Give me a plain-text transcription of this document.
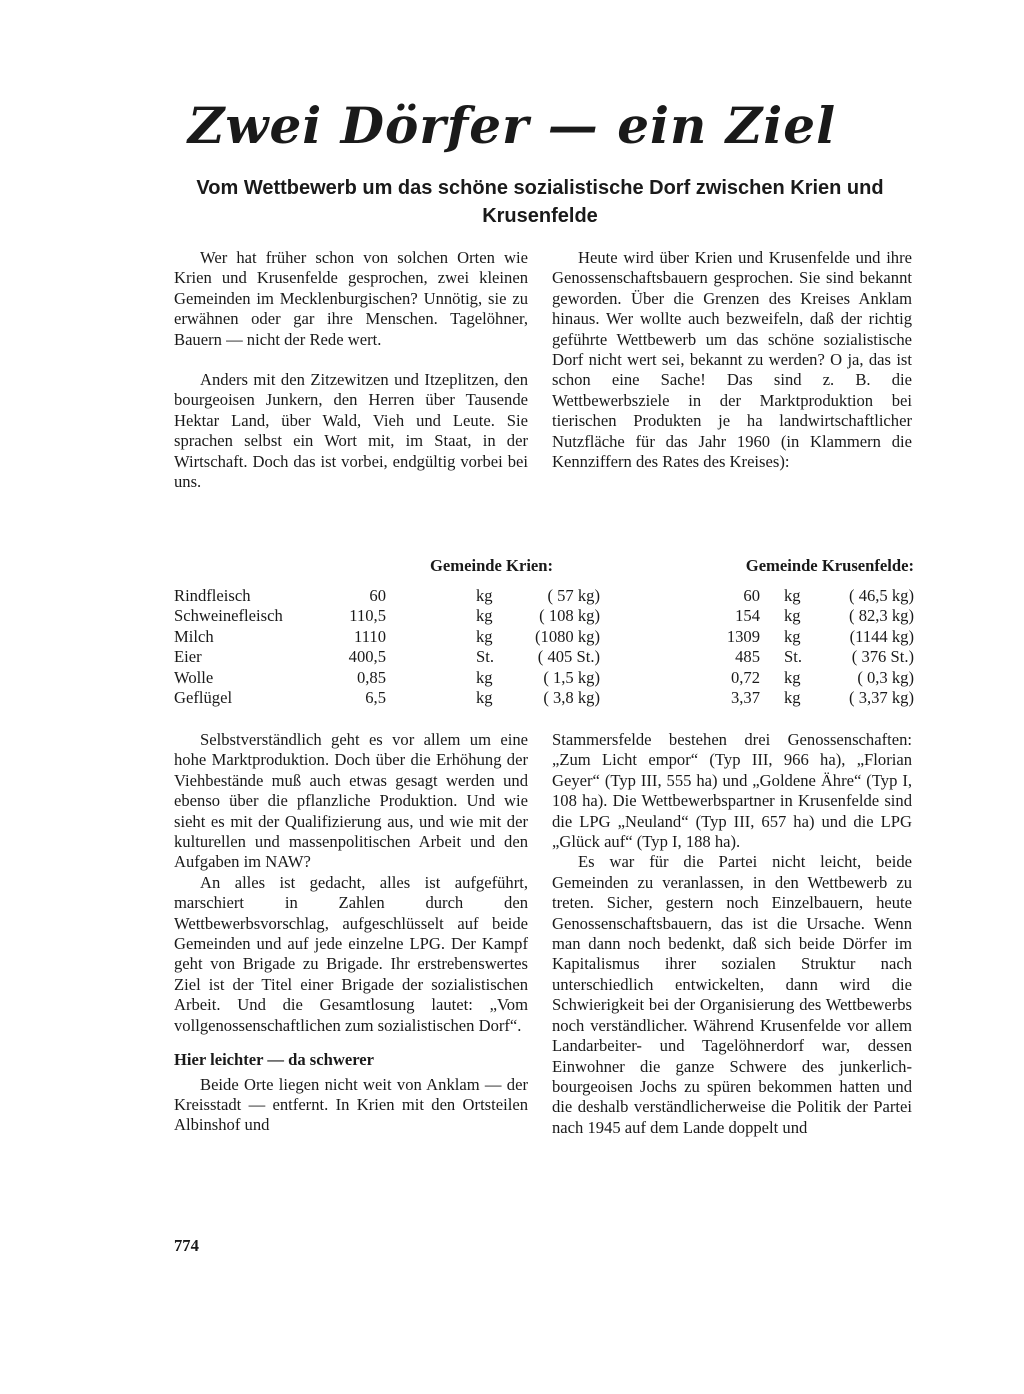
Zwei Dörfer — ein Ziel
Vom Wettbewerb um das schöne sozialistische Dorf zwischen Krien und Krusenfelde

Wer hat früher schon von solchen Orten wie Krien und Krusenfelde gesprochen, zwei kleinen Gemeinden im Mecklenburgischen? Unnötig, sie zu erwähnen oder gar ihre Menschen. Tagelöhner, Bauern — nicht der Rede wert.

Anders mit den Zitzewitzen und Itzeplitzen, den bourgeoisen Junkern, den Herren über Tausende Hektar Land, über Wald, Vieh und Leute. Sie sprachen selbst ein Wort mit, im Staat, in der Wirtschaft. Doch das ist vorbei, endgültig vorbei bei uns.

Heute wird über Krien und Krusenfelde und ihre Genossenschaftsbauern gesprochen. Sie sind bekannt geworden. Über die Grenzen des Kreises Anklam hinaus. Wer wollte auch bezweifeln, daß der richtig geführte Wettbewerb um das schöne sozialistische Dorf nicht wert sei, bekannt zu werden? O ja, das ist schon eine Sache! Das sind z. B. die Wettbewerbsziele in der Marktproduktion bei tierischen Produkten je ha landwirtschaftlicher Nutzfläche für das Jahr 1960 (in Klammern die Kennziffern des Rates des Kreises):

Gemeinde Krien:	Gemeinde Krusenfelde:
Rindfleisch	60	kg	( 57 kg)	60 kg	( 46,5 kg)
Schweinefleisch	110,5	kg	( 108 kg)	154 kg	( 82,3 kg)
Milch	1110	kg	(1080 kg)	1309 kg	(1144 kg)
Eier	400,5	St.	( 405 St.)	485 St.	( 376 St.)
Wolle	0,85	kg	( 1,5 kg)	0,72 kg	( 0,3 kg)
Geflügel	6,5	kg	( 3,8 kg)	3,37 kg	( 3,37 kg)

Selbstverständlich geht es vor allem um eine hohe Marktproduktion. Doch über die Erhöhung der Viehbestände muß auch etwas gesagt werden und ebenso über die pflanzliche Produktion. Und wie sieht es mit der Qualifizierung aus, und wie mit der kulturellen und massenpolitischen Arbeit und den Aufgaben im NAW?

An alles ist gedacht, alles ist aufgeführt, marschiert in Zahlen durch den Wettbewerbsvorschlag, aufgeschlüsselt auf beide Gemeinden und auf jede einzelne LPG. Der Kampf geht von Brigade zu Brigade. Ihr erstrebenswertes Ziel ist der Titel einer Brigade der sozialistischen Arbeit. Und die Gesamtlosung lautet: „Vom vollgenossenschaftlichen zum sozialistischen Dorf“.

Hier leichter — da schwerer

Beide Orte liegen nicht weit von Anklam — der Kreisstadt — entfernt. In Krien mit den Ortsteilen Albinshof und

Stammersfelde bestehen drei Genossenschaften: „Zum Licht empor“ (Typ III, 966 ha), „Florian Geyer“ (Typ III, 555 ha) und „Goldene Ähre“ (Typ I, 108 ha). Die Wettbewerbspartner in Krusenfelde sind die LPG „Neuland“ (Typ III, 657 ha) und die LPG „Glück auf“ (Typ I, 188 ha).

Es war für die Partei nicht leicht, beide Gemeinden zu veranlassen, in den Wettbewerb zu treten. Sicher, gestern noch Einzelbauern, heute Genossenschaftsbauern, das ist die Ursache. Wenn man dann noch bedenkt, daß sich beide Dörfer im Kapitalismus ihrer sozialen Struktur nach unterschiedlich entwickelten, dann wird die Schwierigkeit bei der Organisierung des Wettbewerbs noch verständlicher. Während Krusenfelde vor allem Landarbeiter- und Tagelöhnerdorf war, dessen Einwohner die ganze Schwere des junkerlich-bourgeoisen Jochs zu spüren bekommen hatten und die deshalb verständlicherweise die Politik der Partei nach 1945 auf dem Lande doppelt und

774
